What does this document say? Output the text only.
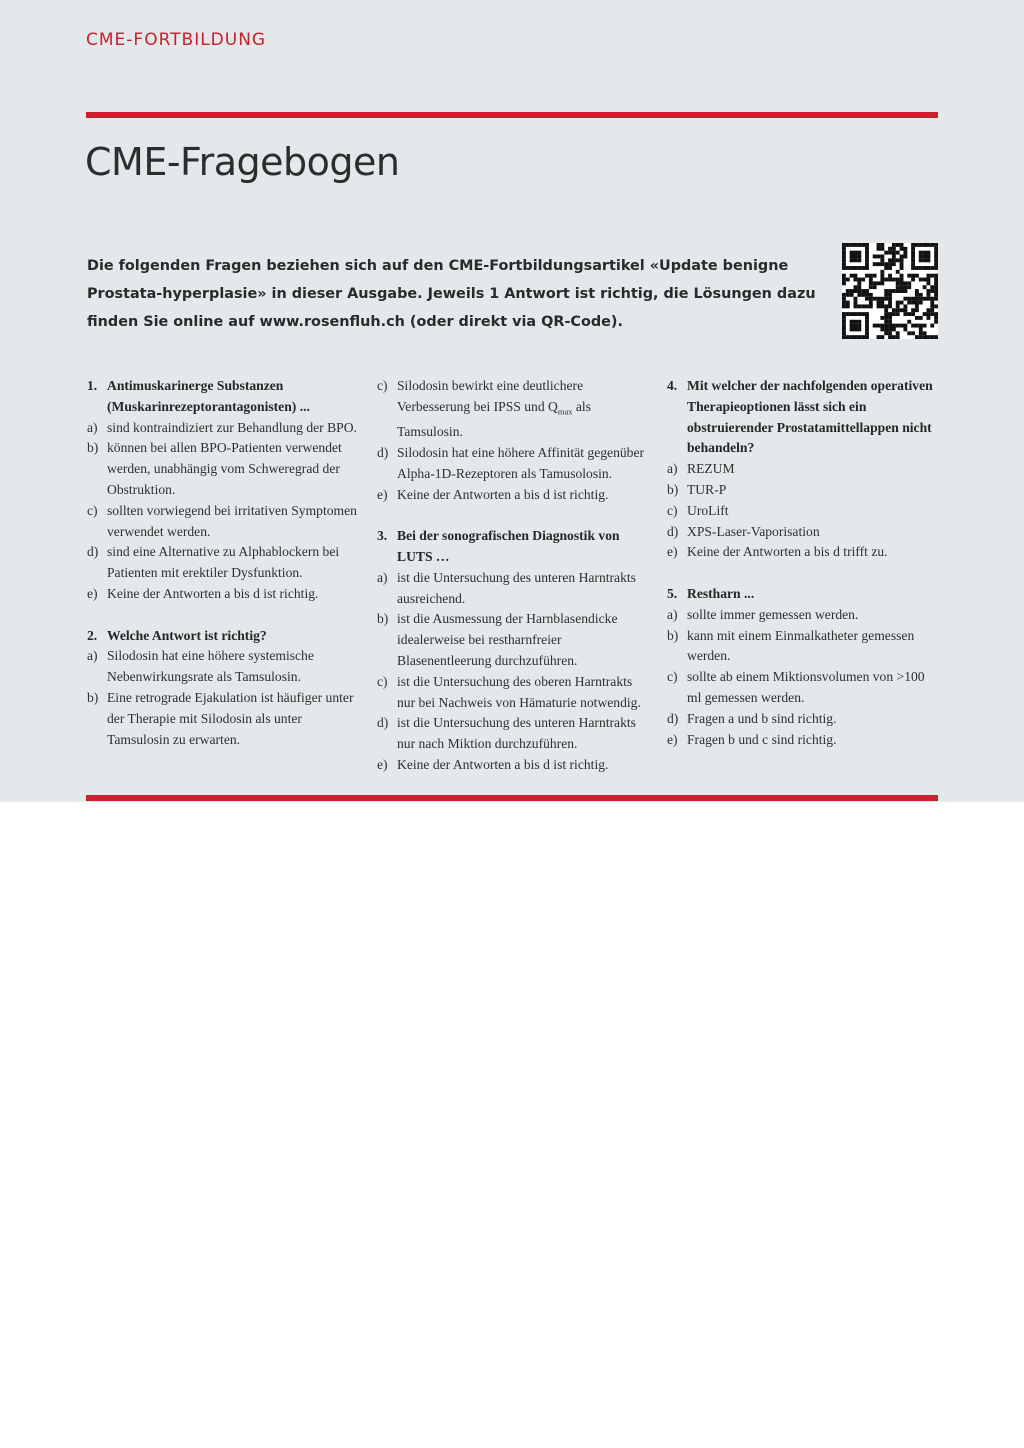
CME-FORTBILDUNG
CME-Fragebogen

Die folgenden Fragen beziehen sich auf den CME-Fortbildungsartikel «Update benigne Prostata-hyperplasie» in dieser Ausgabe. Jeweils 1 Antwort ist richtig, die Lösungen dazu finden Sie online auf www.rosenfluh.ch (oder direkt via QR-Code).

1. Antimuskarinerge Substanzen (Muskarinrezeptorantagonisten) ...
a) sind kontraindiziert zur Behandlung der BPO.
b) können bei allen BPO-Patienten verwendet werden, unabhängig vom Schweregrad der Obstruktion.
c) sollten vorwiegend bei irritativen Symptomen verwendet werden.
d) sind eine Alternative zu Alphablockern bei Patienten mit erektiler Dysfunktion.
e) Keine der Antworten a bis d ist richtig.
2. Welche Antwort ist richtig?
a) Silodosin hat eine höhere systemische Nebenwirkungsrate als Tamsulosin.
b) Eine retrograde Ejakulation ist häufiger unter der Therapie mit Silodosin als unter Tamsulosin zu erwarten.
c) Silodosin bewirkt eine deutlichere Verbesserung bei IPSS und $Q_{max}$ als Tamsulosin.
d) Silodosin hat eine höhere Affinität gegenüber Alpha-1D-Rezeptoren als Tamusolosin.
e) Keine der Antworten a bis d ist richtig.
3. Bei der sonografischen Diagnostik von LUTS …
a) ist die Untersuchung des unteren Harntrakts ausreichend.
b) ist die Ausmessung der Harnblasendicke idealerweise bei restharnfreier Blasenentleerung durchzuführen.
c) ist die Untersuchung des oberen Harntrakts nur bei Nachweis von Hämaturie notwendig.
d) ist die Untersuchung des unteren Harntrakts nur nach Miktion durchzuführen.
e) Keine der Antworten a bis d ist richtig.
4. Mit welcher der nachfolgenden operativen Therapieoptionen lässt sich ein obstruierender Prostatamittellappen nicht behandeln?
a) REZUM
b) TUR-P
c) UroLift
d) XPS-Laser-Vaporisation
e) Keine der Antworten a bis d trifft zu.
5. Restharn ...
a) sollte immer gemessen werden.
b) kann mit einem Einmalkatheter gemessen werden.
c) sollte ab einem Miktionsvolumen von >100 ml gemessen werden.
d) Fragen a und b sind richtig.
e) Fragen b und c sind richtig.
